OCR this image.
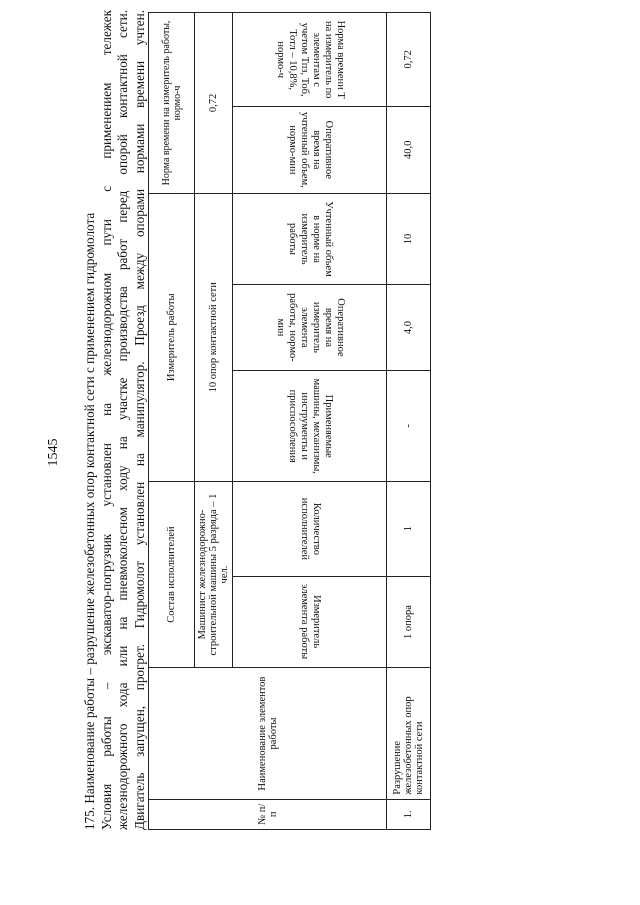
1545 175. Наименование работы – разрушение железобетонных опор контактной сети с применением гидромолота Условия работы – экскаватор-погрузчик установлен на железнодорожном пути с применением тележек железнодорожного хода или на пневмоколесном ходу на участке производства работ перед опорой контактной сети. Двигатель запущен, прогрет. Гидромолот установлен на манипулятор. Проезд между опорами нормами времени учтен.	№ п/п	Наименование элементов работы	Состав исполнителей		Измеритель работы			Норма времени на измеритель работы, нормо-ч	
		Машинист железнодорожно-строительной машины 5 разряда – 1 чел.		10 опор контактной сети			0,72	

		Измеритель элемента работы	Количество исполнителей	Применяемые машины, механизмы, инструменты и приспособления	Оперативное время на измеритель элемента работы, нормо-мин	Учтенный объем в норме на измеритель работы	Оперативное время на учтенный объем, нормо-мин	Норма времени Т на измеритель по элементам с учетом Тпз, Тоб, Тотл – 10,8%, нормо-ч

1.	Разрушение железобетонных опор контактной сети	1 опора	1	-	4,0	10	40,0	0,72
